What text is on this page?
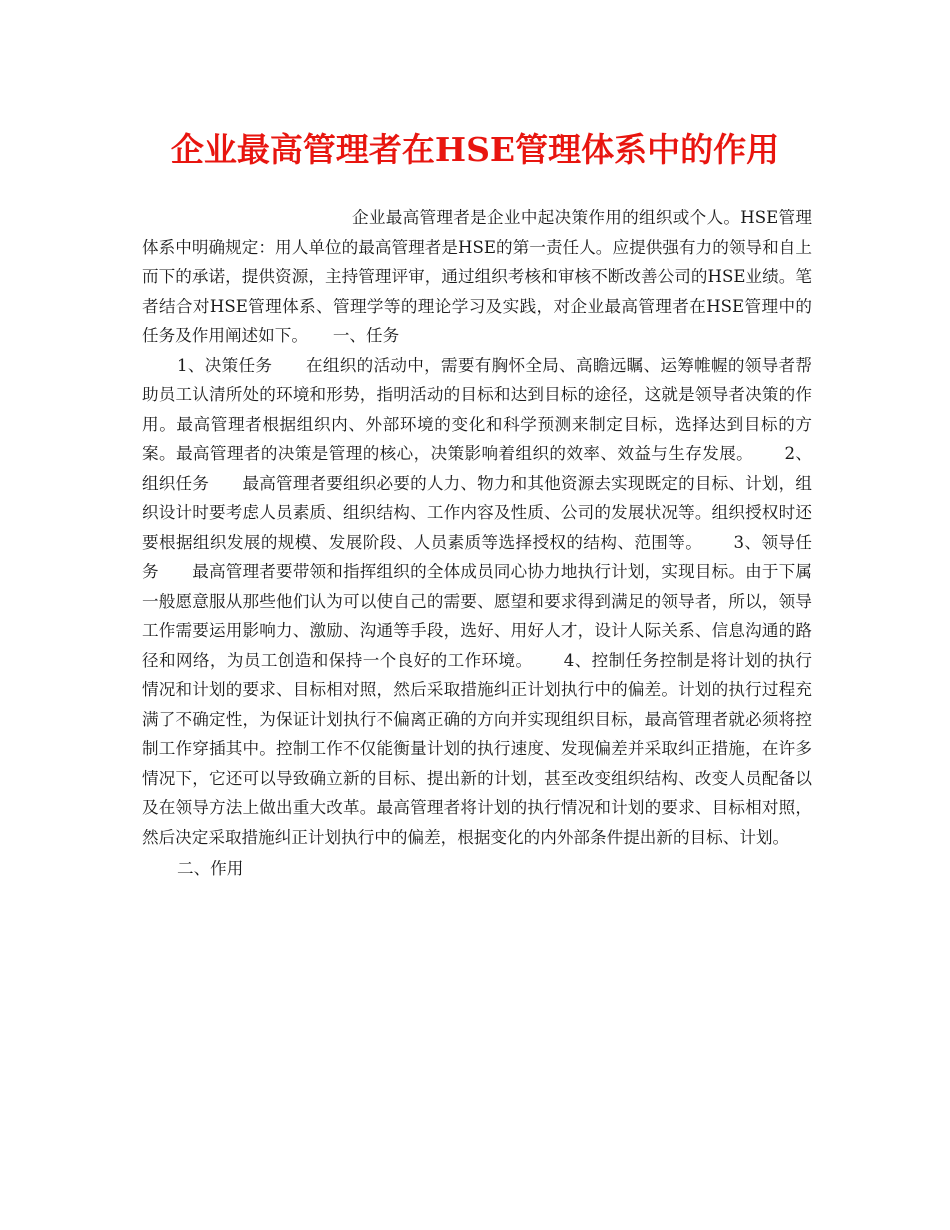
企业最高管理者在HSE管理体系中的作用

企业最高管理者是企业中起决策作用的组织或个人。HSE管理体系中明确规定：用人单位的最高管理者是HSE的第一责任人。应提供强有力的领导和自上而下的承诺，提供资源，主持管理评审，通过组织考核和审核不断改善公司的HSE业绩。笔者结合对HSE管理体系、管理学等的理论学习及实践，对企业最高管理者在HSE管理中的任务及作用阐述如下。　　一、任务

1、决策任务　　在组织的活动中，需要有胸怀全局、高瞻远瞩、运筹帷幄的领导者帮助员工认清所处的环境和形势，指明活动的目标和达到目标的途径，这就是领导者决策的作用。最高管理者根据组织内、外部环境的变化和科学预测来制定目标，选择达到目标的方案。最高管理者的决策是管理的核心，决策影响着组织的效率、效益与生存发展。　　 2、组织任务　　最高管理者要组织必要的人力、物力和其他资源去实现既定的目标、计划，组织设计时要考虑人员素质、组织结构、工作内容及性质、公司的发展状况等。组织授权时还要根据组织发展的规模、发展阶段、人员素质等选择授权的结构、范围等。　　 3、领导任务　　最高管理者要带领和指挥组织的全体成员同心协力地执行计划，实现目标。由于下属一般愿意服从那些他们认为可以使自己的需要、愿望和要求得到满足的领导者，所以，领导工作需要运用影响力、激励、沟通等手段，选好、用好人才，设计人际关系、信息沟通的路径和网络，为员工创造和保持一个良好的工作环境。　　 4、控制任务控制是将计划的执行情况和计划的要求、目标相对照，然后采取措施纠正计划执行中的偏差。计划的执行过程充满了不确定性，为保证计划执行不偏离正确的方向并实现组织目标，最高管理者就必须将控制工作穿插其中。控制工作不仅能衡量计划的执行速度、发现偏差并采取纠正措施，在许多情况下，它还可以导致确立新的目标、提出新的计划，甚至改变组织结构、改变人员配备以及在领导方法上做出重大改革。最高管理者将计划的执行情况和计划的要求、目标相对照，然后决定采取措施纠正计划执行中的偏差，根据变化的内外部条件提出新的目标、计划。

二、作用
